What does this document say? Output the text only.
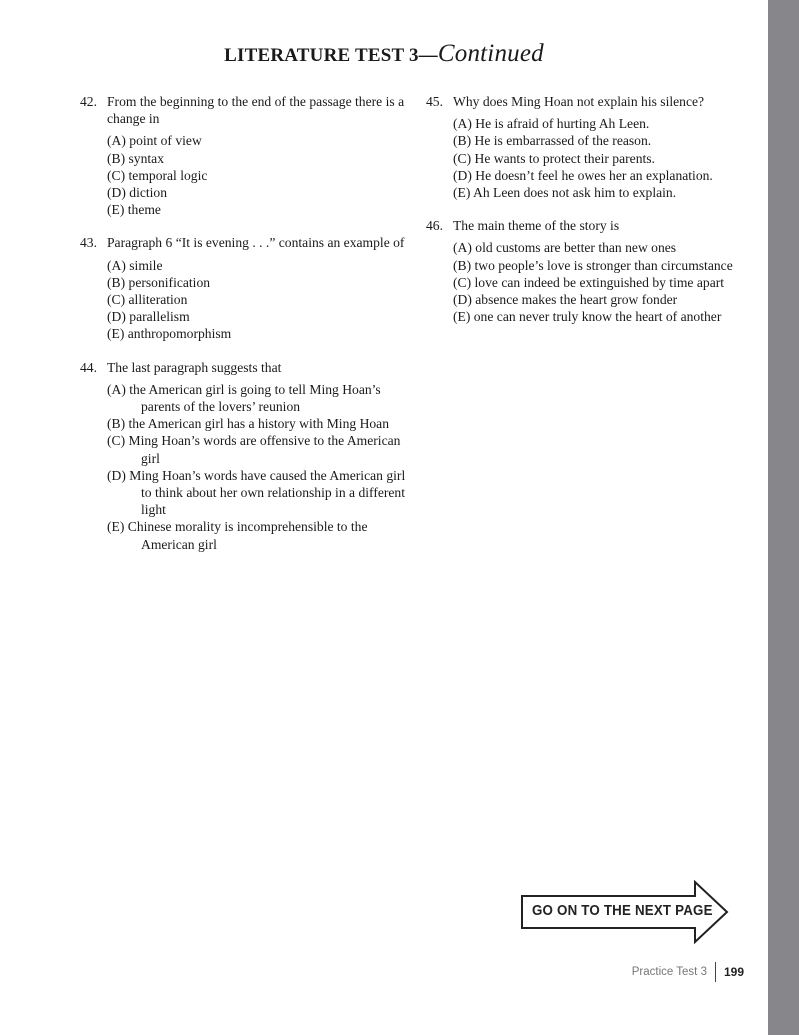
LITERATURE TEST 3—Continued
42. From the beginning to the end of the passage there is a change in
(A) point of view
(B) syntax
(C) temporal logic
(D) diction
(E) theme
43. Paragraph 6 “It is evening . . .” contains an example of
(A) simile
(B) personification
(C) alliteration
(D) parallelism
(E) anthropomorphism
44. The last paragraph suggests that
(A) the American girl is going to tell Ming Hoan’s parents of the lovers’ reunion
(B) the American girl has a history with Ming Hoan
(C) Ming Hoan’s words are offensive to the American girl
(D) Ming Hoan’s words have caused the American girl to think about her own relationship in a different light
(E) Chinese morality is incomprehensible to the American girl
45. Why does Ming Hoan not explain his silence?
(A) He is afraid of hurting Ah Leen.
(B) He is embarrassed of the reason.
(C) He wants to protect their parents.
(D) He doesn’t feel he owes her an explanation.
(E) Ah Leen does not ask him to explain.
46. The main theme of the story is
(A) old customs are better than new ones
(B) two people’s love is stronger than circumstance
(C) love can indeed be extinguished by time apart
(D) absence makes the heart grow fonder
(E) one can never truly know the heart of another
GO ON TO THE NEXT PAGE
Practice Test 3 199
